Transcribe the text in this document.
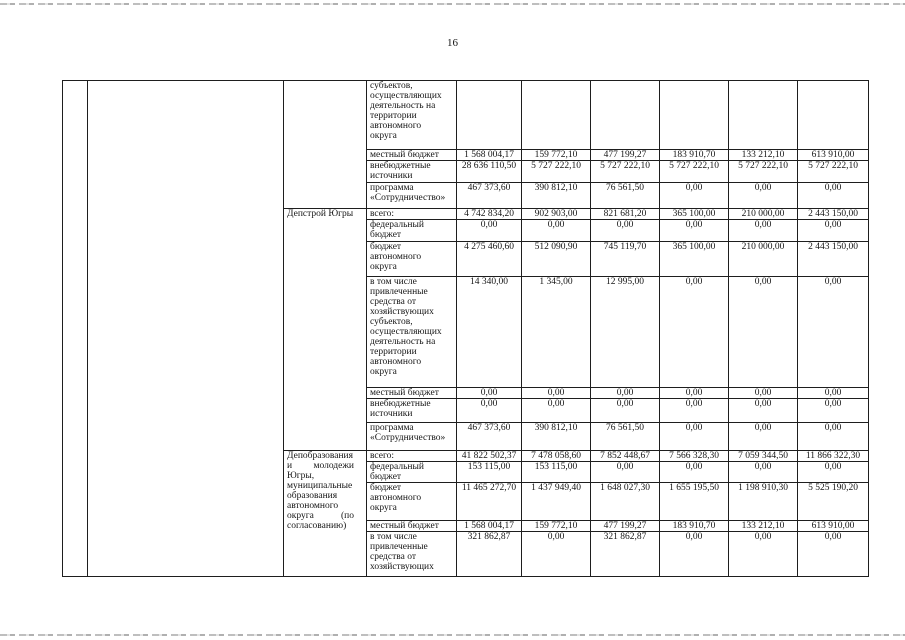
16
			субъектов, осуществляющих деятельность на территории автономного округа						
			местный бюджет	1 568 004,17	159 772,10	477 199,27	183 910,70	133 212,10	613 910,00
			внебюджетные источники	28 636 110,50	5 727 222,10	5 727 222,10	5 727 222,10	5 727 222,10	5 727 222,10
			программа «Сотрудничество»	467 373,60	390 812,10	76 561,50	0,00	0,00	0,00
		Депстрой Югры	всего:	4 742 834,20	902 903,00	821 681,20	365 100,00	210 000,00	2 443 150,00
			федеральный бюджет	0,00	0,00	0,00	0,00	0,00	0,00
			бюджет автономного округа	4 275 460,60	512 090,90	745 119,70	365 100,00	210 000,00	2 443 150,00
			в том числе привлеченные средства от хозяйствующих субъектов, осуществляющих деятельность на территории автономного округа	14 340,00	1 345,00	12 995,00	0,00	0,00	0,00
			местный бюджет	0,00	0,00	0,00	0,00	0,00	0,00
			внебюджетные источники	0,00	0,00	0,00	0,00	0,00	0,00
			программа «Сотрудничество»	467 373,60	390 812,10	76 561,50	0,00	0,00	0,00
		Депобразования и молодежи Югры, муниципальные образования автономного округа (по согласованию)	всего:	41 822 502,37	7 478 058,60	7 852 448,67	7 566 328,30	7 059 344,50	11 866 322,30
			федеральный бюджет	153 115,00	153 115,00	0,00	0,00	0,00	0,00
			бюджет автономного округа	11 465 272,70	1 437 949,40	1 648 027,30	1 655 195,50	1 198 910,30	5 525 190,20
			местный бюджет	1 568 004,17	159 772,10	477 199,27	183 910,70	133 212,10	613 910,00
			в том числе привлеченные средства от хозяйствующих	321 862,87	0,00	321 862,87	0,00	0,00	0,00
